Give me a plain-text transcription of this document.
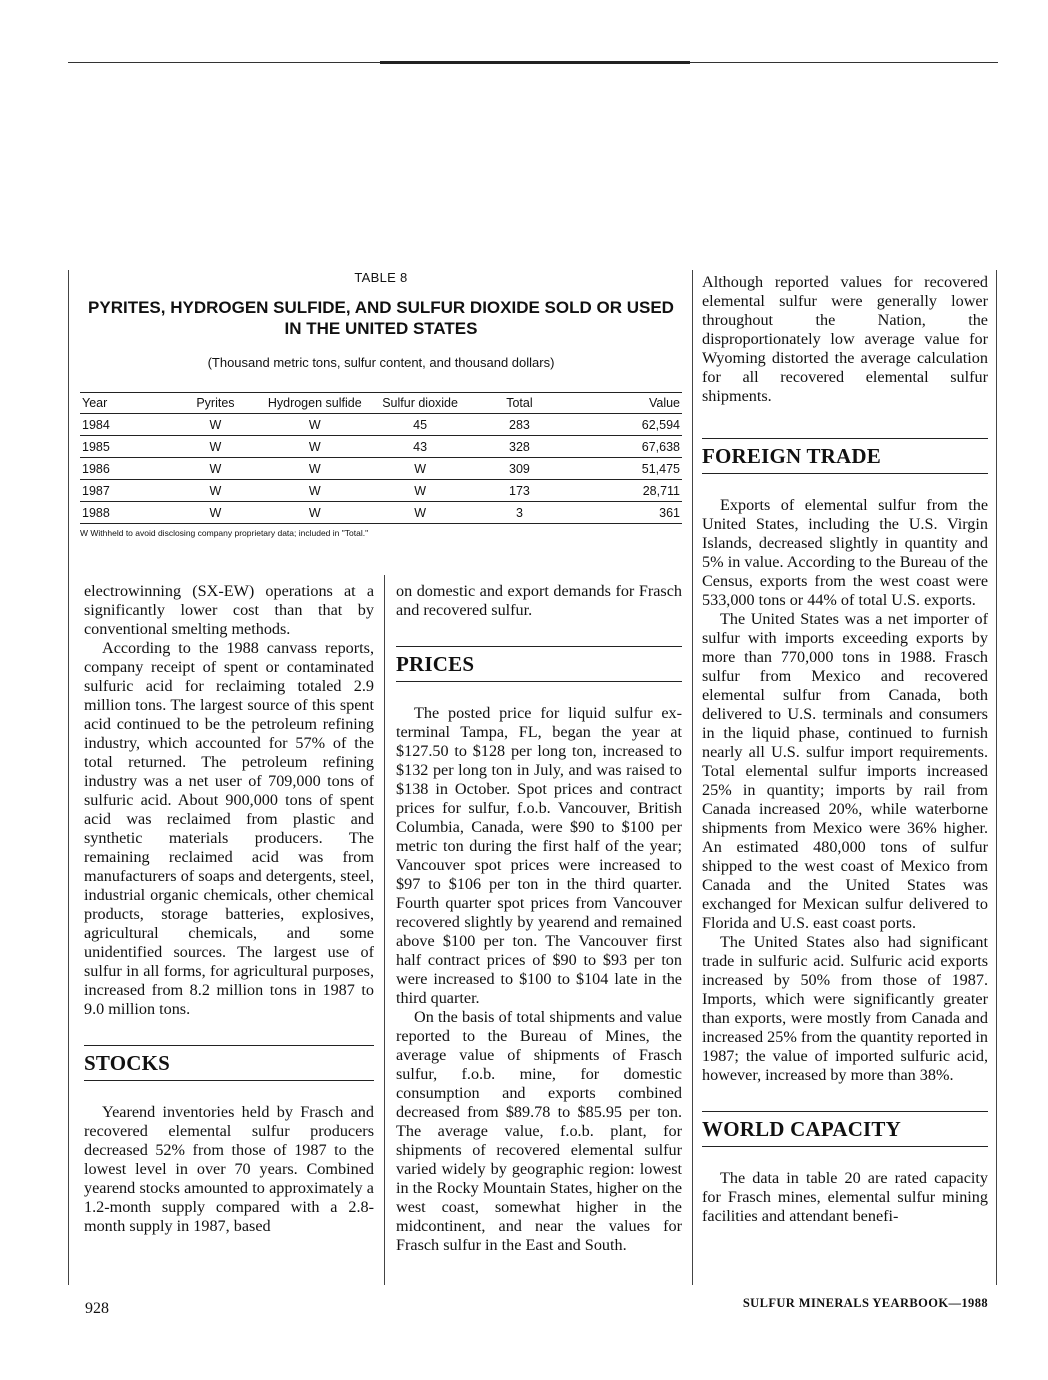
TABLE 8
PYRITES, HYDROGEN SULFIDE, AND SULFUR DIOXIDE SOLD OR USED IN THE UNITED STATES
(Thousand metric tons, sulfur content, and thousand dollars)
Year	Pyrites	Hydrogen sulfide	Sulfur dioxide	Total	Value
1984	W	W	45	283	62,594
1985	W	W	43	328	67,638
1986	W	W	W	309	51,475
1987	W	W	W	173	28,711
1988	W	W	W	3	361
W Withheld to avoid disclosing company proprietary data; included in "Total."

electrowinning (SX-EW) operations at a significantly lower cost than that by conventional smelting methods.

According to the 1988 canvass reports, company receipt of spent or contaminated sulfuric acid for reclaiming totaled 2.9 million tons. The largest source of this spent acid continued to be the petroleum refining industry, which accounted for 57% of the total returned. The petroleum refining industry was a net user of 709,000 tons of sulfuric acid. About 900,000 tons of spent acid was reclaimed from plastic and synthetic materials producers. The remaining reclaimed acid was from manufacturers of soaps and detergents, steel, industrial organic chemicals, other chemical products, storage batteries, explosives, agricultural chemicals, and some unidentified sources. The largest use of sulfur in all forms, for agricultural purposes, increased from 8.2 million tons in 1987 to 9.0 million tons.

STOCKS

Yearend inventories held by Frasch and recovered elemental sulfur producers decreased 52% from those of 1987 to the lowest level in over 70 years. Combined yearend stocks amounted to approximately a 1.2-month supply compared with a 2.8-month supply in 1987, based

on domestic and export demands for Frasch and recovered sulfur.

PRICES

The posted price for liquid sulfur ex-terminal Tampa, FL, began the year at $127.50 to $128 per long ton, increased to $132 per long ton in July, and was raised to $138 in October. Spot prices and contract prices for sulfur, f.o.b. Vancouver, British Columbia, Canada, were $90 to $100 per metric ton during the first half of the year; Vancouver spot prices were increased to $97 to $106 per ton in the third quarter. Fourth quarter spot prices from Vancouver recovered slightly by yearend and remained above $100 per ton. The Vancouver first half contract prices of $90 to $93 per ton were increased to $100 to $104 late in the third quarter.

On the basis of total shipments and value reported to the Bureau of Mines, the average value of shipments of Frasch sulfur, f.o.b. mine, for domestic consumption and exports combined decreased from $89.78 to $85.95 per ton. The average value, f.o.b. plant, for shipments of recovered elemental sulfur varied widely by geographic region: lowest in the Rocky Mountain States, higher on the west coast, somewhat higher in the midcontinent, and near the values for Frasch sulfur in the East and South.

Although reported values for recovered elemental sulfur were generally lower throughout the Nation, the disproportionately low average value for Wyoming distorted the average calculation for all recovered elemental sulfur shipments.

FOREIGN TRADE

Exports of elemental sulfur from the United States, including the U.S. Virgin Islands, decreased slightly in quantity and 5% in value. According to the Bureau of the Census, exports from the west coast were 533,000 tons or 44% of total U.S. exports.

The United States was a net importer of sulfur with imports exceeding exports by more than 770,000 tons in 1988. Frasch sulfur from Mexico and recovered elemental sulfur from Canada, both delivered to U.S. terminals and consumers in the liquid phase, continued to furnish nearly all U.S. sulfur import requirements. Total elemental sulfur imports increased 25% in quantity; imports by rail from Canada increased 20%, while waterborne shipments from Mexico were 36% higher. An estimated 480,000 tons of sulfur shipped to the west coast of Mexico from Canada and the United States was exchanged for Mexican sulfur delivered to Florida and U.S. east coast ports.

The United States also had significant trade in sulfuric acid. Sulfuric acid exports increased by 50% from those of 1987. Imports, which were significantly greater than exports, were mostly from Canada and increased 25% from the quantity reported in 1987; the value of imported sulfuric acid, however, increased by more than 38%.

WORLD CAPACITY

The data in table 20 are rated capacity for Frasch mines, elemental sulfur mining facilities and attendant benefi-

928	SULFUR MINERALS YEARBOOK—1988
